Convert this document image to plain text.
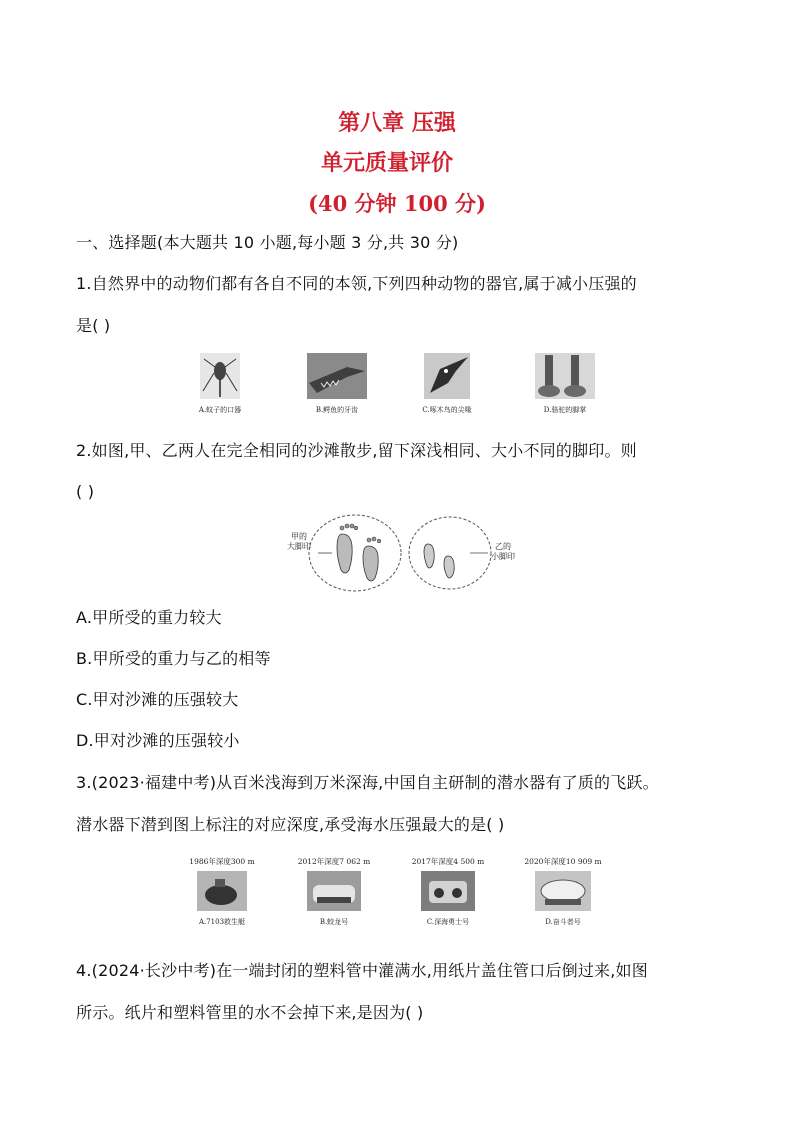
第八章 压强
单元质量评价
(40 分钟 100 分)
一、选择题(本大题共 10 小题,每小题 3 分,共 30 分)
1.自然界中的动物们都有各自不同的本领,下列四种动物的器官,属于减小压强的
是( )
A.蚊子的口器	B.鳄鱼的牙齿	C.啄木鸟的尖喙	D.骆驼的脚掌
2.如图,甲、乙两人在完全相同的沙滩散步,留下深浅相同、大小不同的脚印。则
( )
甲的
大脚印	乙的
小脚印
A.甲所受的重力较大
B.甲所受的重力与乙的相等
C.甲对沙滩的压强较大
D.甲对沙滩的压强较小
3.(2023·福建中考)从百米浅海到万米深海,中国自主研制的潜水器有了质的飞跃。
潜水器下潜到图上标注的对应深度,承受海水压强最大的是( )
1986年深度300 m
A.7103救生艇
2012年深度7 062 m
B.蛟龙号
2017年深度4 500 m
C.深海勇士号
2020年深度10 909 m
D.奋斗者号
4.(2024·长沙中考)在一端封闭的塑料管中灌满水,用纸片盖住管口后倒过来,如图
所示。纸片和塑料管里的水不会掉下来,是因为( )
